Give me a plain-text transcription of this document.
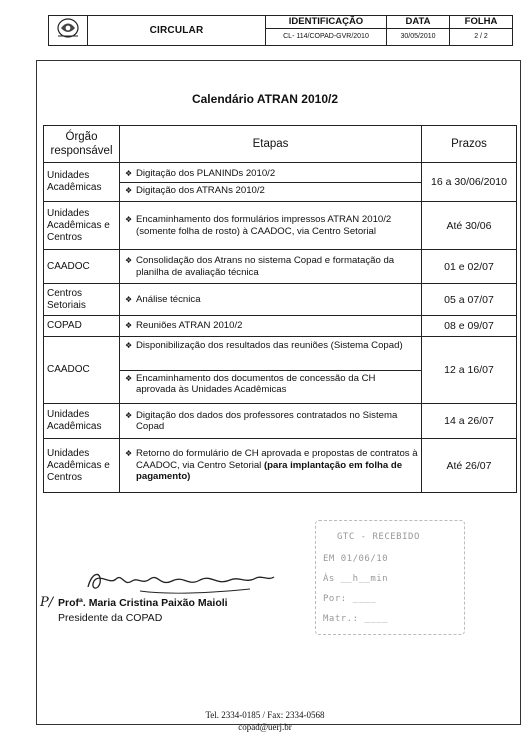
	CIRCULAR	IDENTIFICAÇÃO	DATA	FOLHA
		CL- 114/COPAD-GVR/2010	30/05/2010	2 / 2
Calendário ATRAN 2010/2
Órgão responsável	Etapas	Prazos
Unidades Acadêmicas	❖ Digitação dos PLANINDs 2010/2
❖ Digitação dos ATRANs 2010/2	16 a 30/06/2010
Unidades Acadêmicas e Centros	❖ Encaminhamento dos formulários impressos ATRAN 2010/2 (somente folha de rosto) à CAADOC, via Centro Setorial	Até 30/06
CAADOC	❖ Consolidação dos Atrans no sistema Copad e formatação da planilha de avaliação técnica	01 e 02/07
Centros Setoriais	❖ Análise técnica	05 a 07/07
COPAD	❖ Reuniões ATRAN 2010/2	08 e 09/07
CAADOC	❖ Disponibilização dos resultados das reuniões (Sistema Copad)
❖ Encaminhamento dos documentos de concessão da CH aprovada às Unidades Acadêmicas	12 a 16/07
Unidades Acadêmicas	❖ Digitação dos dados dos professores contratados no Sistema Copad	14 a 26/07
Unidades Acadêmicas e Centros	❖ Retorno do formulário de CH aprovada e propostas de contratos à CAADOC, via Centro Setorial (para implantação em folha de pagamento)	Até 26/07
P/ Profª. Maria Cristina Paixão Maioli
Presidente da COPAD
GTC - RECEBIDO
EM 01/06/10
Às __h__min
Por: ____
Matr.: ____
Tel. 2334-0185 / Fax: 2334-0568
copad@uerj.br
